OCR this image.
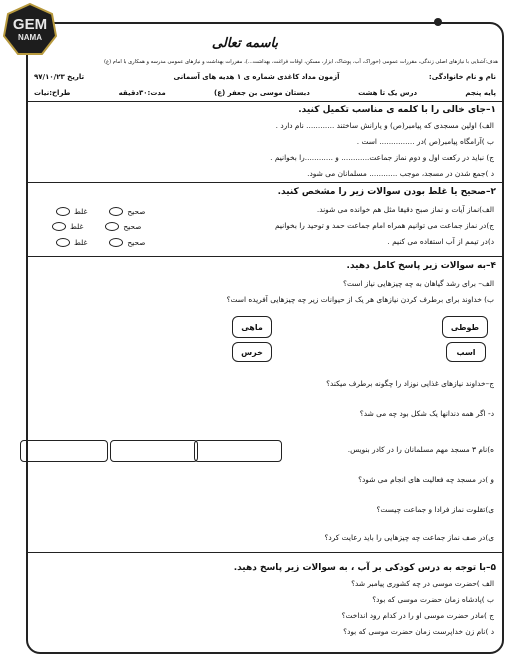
GEM
NAMA	باسمه تعالی
هدف:آشنایی با نیازهای اصلی زندگی، مقررات عمومی (خوراک، آب، پوشاک، ابزار، مسکن، اوقات فراغت، بهداشت...)، مقررات بهداشت و نیازهای عمومی مدرسه و همکاری با امام (ع)
نام و نام خانوادگی:
آزمون مداد کاغذی شماره ی ۱ هدیه های آسمانی
تاریخ ۹۷/۱۰/۲۳
پایه پنجم
درس یک تا هشت
دبستان موسی بن جعفر (ع)
مدت:۳۰دقیقه
طراح:نیات
۱–جای خالی را با کلمه ی مناسب تکمیل کنید.
الف) اولین مسجدی که پیامبر(ص) و یارانش ساختند ............ نام دارد .
ب )آرامگاه پیامبر(ص )در ............... است .
ج) نباید در رکعت اول و دوم نماز جماعت............ و ............را بخوانیم .
د )جمع شدن در مسجد، موجب ............ مسلمانان می شود.
۲–صحیح یا غلط بودن سوالات زیر را مشخص کنید.
الف)نماز آیات و نماز صبح دقیقا مثل هم خوانده می شوند.
ج)در نماز جماعت می توانیم همراه امام جماعت حمد و توحید را بخوانیم
د)در تیمم از آب استفاده می کنیم .
صحیح
غلط
صحیح
غلط
صحیح
غلط
۴–به سوالات زیر پاسخ کامل دهید.
الف– برای رشد گیاهان به چه چیزهایی نیاز است؟
ب) خداوند برای برطرف کردن نیازهای هر یک از حیوانات زیر چه چیزهایی آفریده است؟
طوطی
ماهی
اسب
خرس
ج–خداوند نیازهای غذایی نوزاد را چگونه برطرف میکند؟
د- اگر همه دندانها یک شکل بود چه می شد؟
ه)نام ۳ مسجد مهم مسلمانان را در کادر بنویس.
و )در مسجد چه فعالیت های انجام می شود؟
ی)تقلوت نماز فرادا و جماعت چیست؟
ی)در صف نماز جماعت چه چیزهایی را باید رعایت کرد؟
۵–با توجه به درس کودکی بر آب ، به سوالات زیر پاسخ دهید.
الف )حضرت موسی در چه کشوری پیامبر شد؟
ب )پادشاه زمان حضرت موسی که بود؟
ج )مادر حضرت موسی او را در کدام رود انداخت؟
د )نام زن خداپرست زمان حضرت موسی که بود؟
